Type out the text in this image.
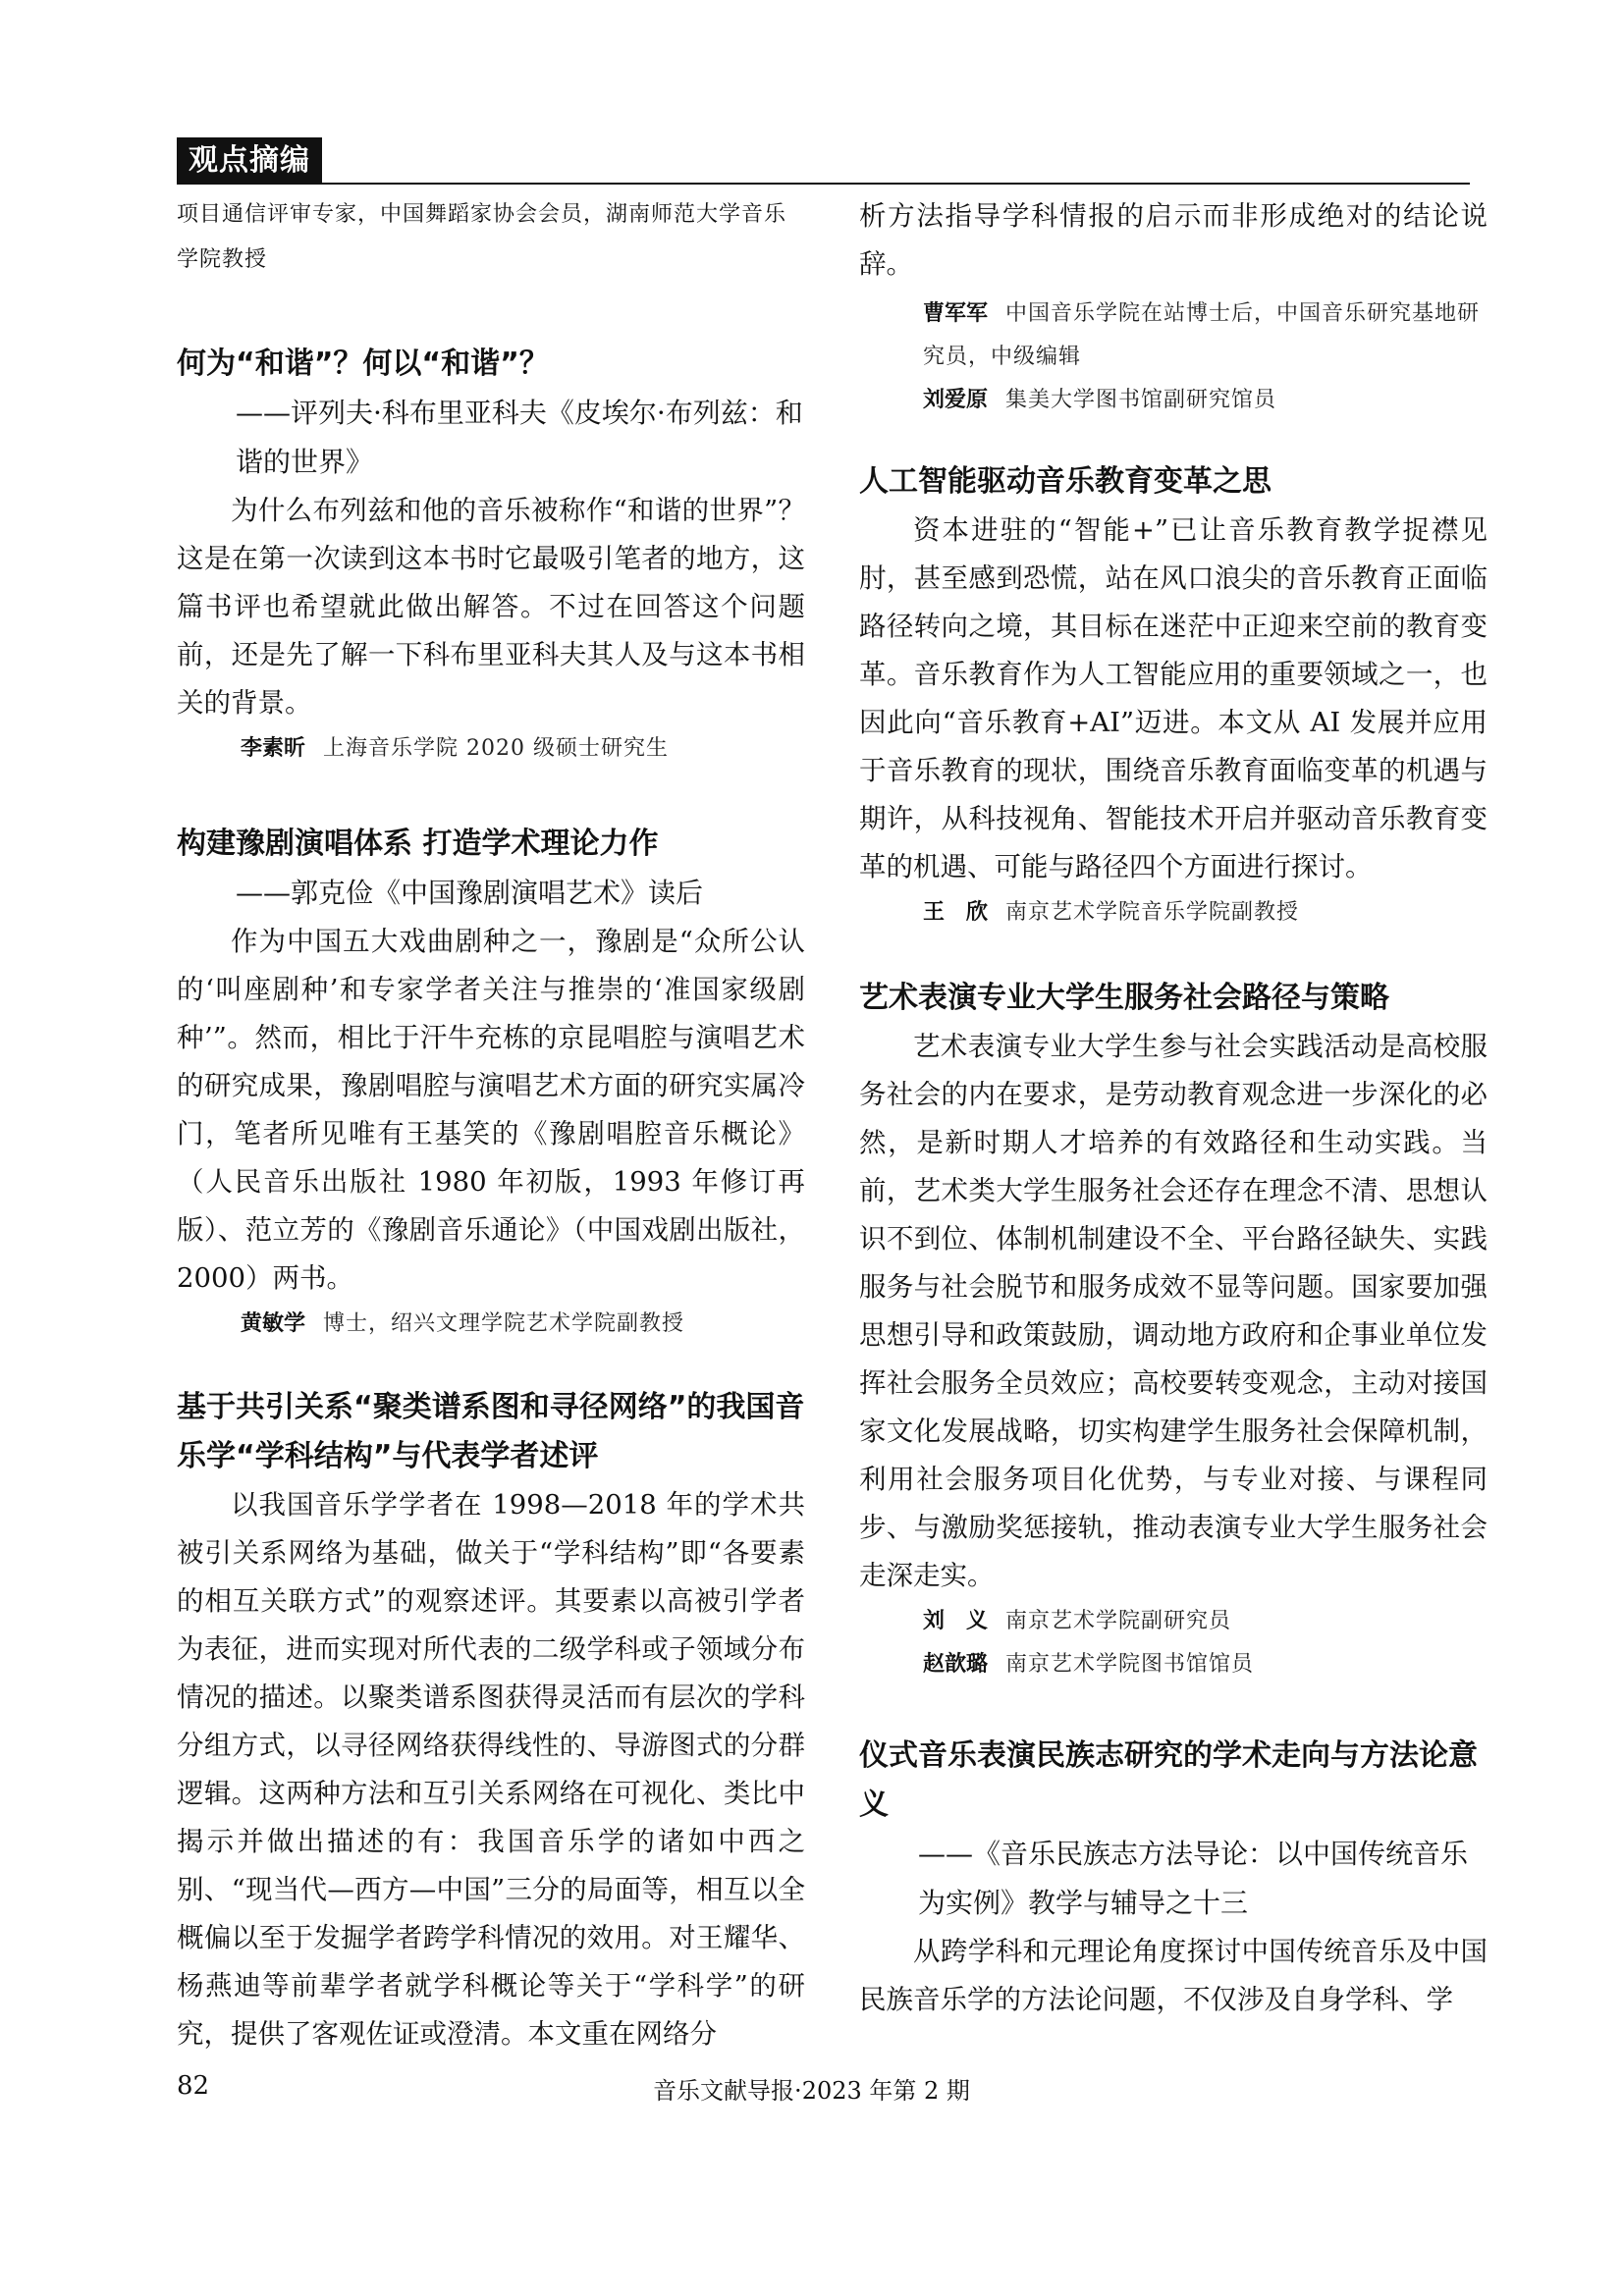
观点摘编

项目通信评审专家，中国舞蹈家协会会员，湖南师范大学音乐学院教授

何为“和谐”？何以“和谐”？

——评列夫·科布里亚科夫《皮埃尔·布列兹：和谐的世界》

为什么布列兹和他的音乐被称作“和谐的世界”？这是在第一次读到这本书时它最吸引笔者的地方，这篇书评也希望就此做出解答。不过在回答这个问题前，还是先了解一下科布里亚科夫其人及与这本书相关的背景。

李素昕 上海音乐学院 2020 级硕士研究生

构建豫剧演唱体系 打造学术理论力作

——郭克俭《中国豫剧演唱艺术》读后

作为中国五大戏曲剧种之一，豫剧是“众所公认的‘叫座剧种’和专家学者关注与推崇的‘准国家级剧种’”。然而，相比于汗牛充栋的京昆唱腔与演唱艺术的研究成果，豫剧唱腔与演唱艺术方面的研究实属冷门，笔者所见唯有王基笑的《豫剧唱腔音乐概论》（人民音乐出版社 1980 年初版，1993 年修订再版）、范立芳的《豫剧音乐通论》（中国戏剧出版社，2000）两书。

黄敏学 博士，绍兴文理学院艺术学院副教授

基于共引关系“聚类谱系图和寻径网络”的我国音乐学“学科结构”与代表学者述评

以我国音乐学学者在 1998—2018 年的学术共被引关系网络为基础，做关于“学科结构”即“各要素的相互关联方式”的观察述评。其要素以高被引学者为表征，进而实现对所代表的二级学科或子领域分布情况的描述。以聚类谱系图获得灵活而有层次的学科分组方式，以寻径网络获得线性的、导游图式的分群逻辑。这两种方法和互引关系网络在可视化、类比中揭示并做出描述的有：我国音乐学的诸如中西之别、“现当代—西方—中国”三分的局面等，相互以全概偏以至于发掘学者跨学科情况的效用。对王耀华、杨燕迪等前辈学者就学科概论等关于“学科学”的研究，提供了客观佐证或澄清。本文重在网络分

析方法指导学科情报的启示而非形成绝对的结论说辞。

曹军军 中国音乐学院在站博士后，中国音乐研究基地研究员，中级编辑

刘爱原 集美大学图书馆副研究馆员

人工智能驱动音乐教育变革之思

资本进驻的“智能+”已让音乐教育教学捉襟见肘，甚至感到恐慌，站在风口浪尖的音乐教育正面临路径转向之境，其目标在迷茫中正迎来空前的教育变革。音乐教育作为人工智能应用的重要领域之一，也因此向“音乐教育+AI”迈进。本文从 AI 发展并应用于音乐教育的现状，围绕音乐教育面临变革的机遇与期许，从科技视角、智能技术开启并驱动音乐教育变革的机遇、可能与路径四个方面进行探讨。

王　欣 南京艺术学院音乐学院副教授

艺术表演专业大学生服务社会路径与策略

艺术表演专业大学生参与社会实践活动是高校服务社会的内在要求，是劳动教育观念进一步深化的必然，是新时期人才培养的有效路径和生动实践。当前，艺术类大学生服务社会还存在理念不清、思想认识不到位、体制机制建设不全、平台路径缺失、实践服务与社会脱节和服务成效不显等问题。国家要加强思想引导和政策鼓励，调动地方政府和企事业单位发挥社会服务全员效应；高校要转变观念，主动对接国家文化发展战略，切实构建学生服务社会保障机制，利用社会服务项目化优势，与专业对接、与课程同步、与激励奖惩接轨，推动表演专业大学生服务社会走深走实。

刘　义 南京艺术学院副研究员

赵歆璐 南京艺术学院图书馆馆员

仪式音乐表演民族志研究的学术走向与方法论意义

——《音乐民族志方法导论：以中国传统音乐为实例》教学与辅导之十三

从跨学科和元理论角度探讨中国传统音乐及中国民族音乐学的方法论问题，不仅涉及自身学科、学

82	音乐文献导报·2023 年第 2 期
